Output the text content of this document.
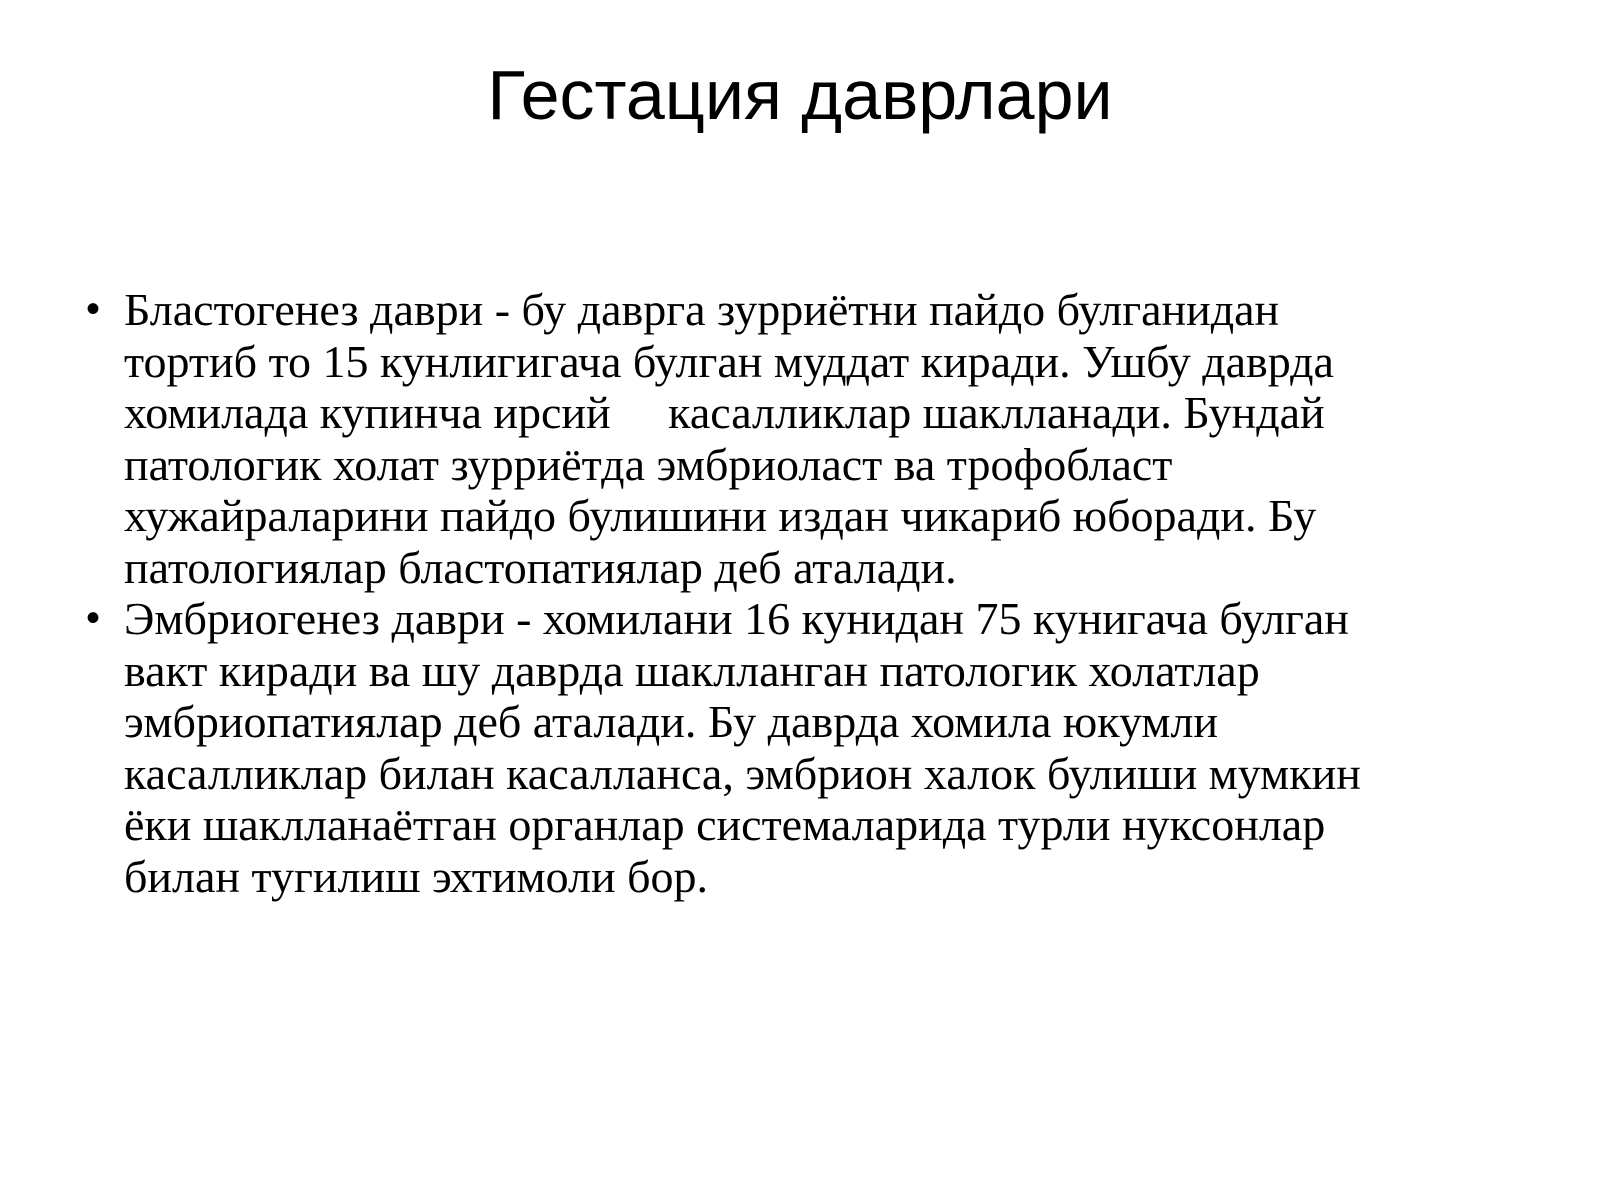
Гестация даврлари
• Бластогенез даври - бу даврга зурриётни пайдо булганидан
тортиб то 15 кунлигигача булган муддат киради. Ушбу даврда
хомилада купинча ирсий     касалликлар шаклланади. Бундай
патологик холат зурриётда эмбриоласт ва трофобласт
хужайраларини пайдо булишини издан чикариб юборади. Бу
патологиялар бластопатиялар деб аталади.
• Эмбриогенез даври - хомилани 16 кунидан 75 кунигача булган
вакт киради ва шу даврда шаклланган патологик холатлар
эмбриопатиялар деб аталади. Бу даврда хомила юкумли
касалликлар билан касалланса, эмбрион халок булиши мумкин
ёки шаклланаётган органлар системаларида турли нуксонлар
билан тугилиш эхтимоли бор.
